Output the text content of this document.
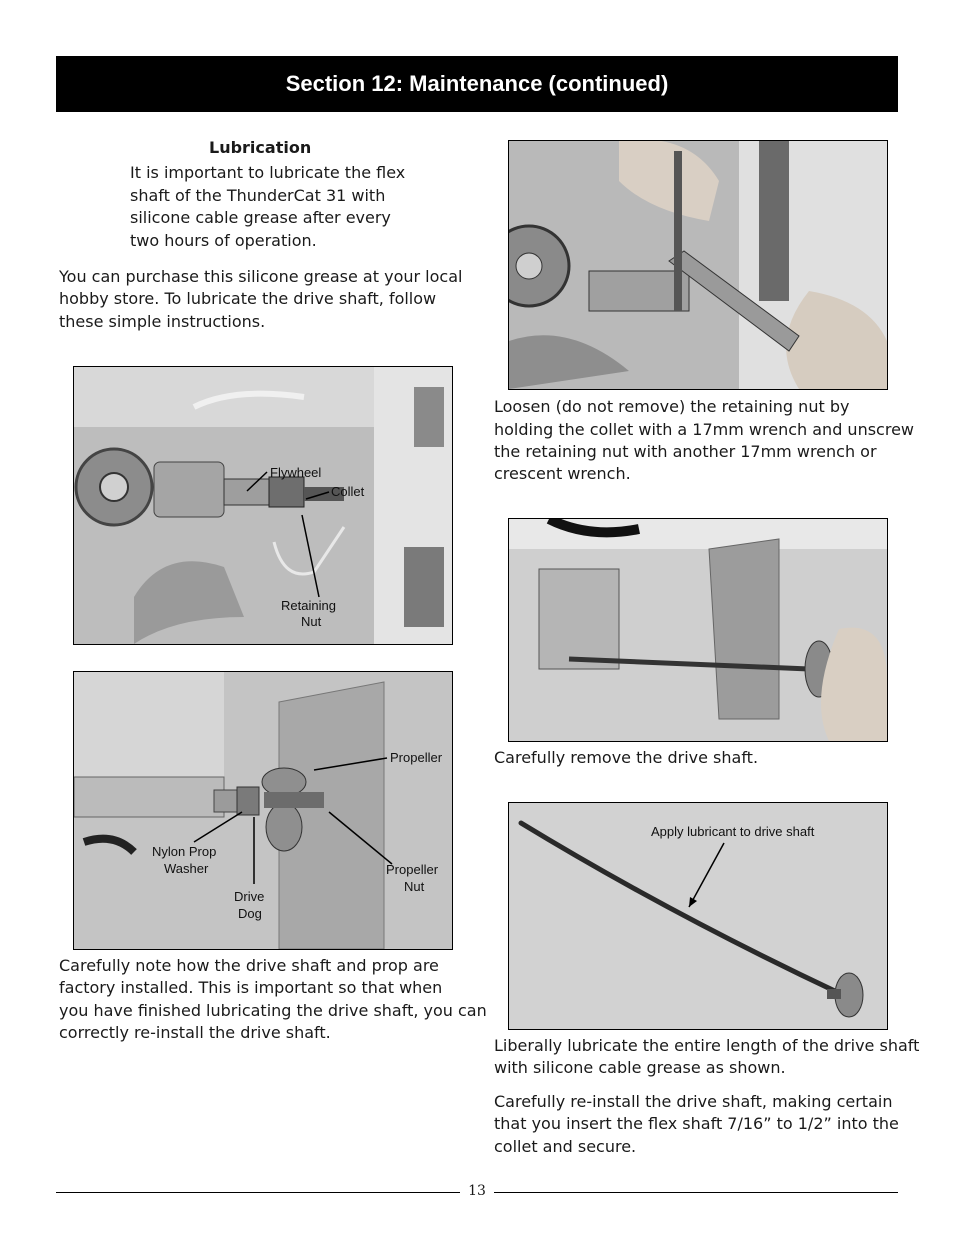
Section 12: Maintenance (continued)
Lubrication

It is important to lubricate the flex

shaft of the ThunderCat 31 with

silicone cable grease after every

two hours of operation.

You can purchase this silicone grease at your local

hobby store. To lubricate the drive shaft, follow

these simple instructions.

Flywheel
Collet
Retaining
Nut
Propeller
Nylon Prop
Washer
Drive
Dog
Propeller
Nut

Carefully note how the drive shaft and prop are

factory installed. This is important so that when

you have finished lubricating the drive shaft, you can

correctly re-install the drive shaft.

Loosen (do not remove) the retaining nut by

holding the collet with a 17mm wrench and unscrew

the retaining nut with another 17mm wrench or

crescent wrench.

Carefully remove the drive shaft.

Apply lubricant to drive shaft

Liberally lubricate the entire length of the drive shaft

with silicone cable grease as shown.

Carefully re-install the drive shaft, making certain

that you insert the flex shaft 7/16” to 1/2” into the

collet and secure.

13
